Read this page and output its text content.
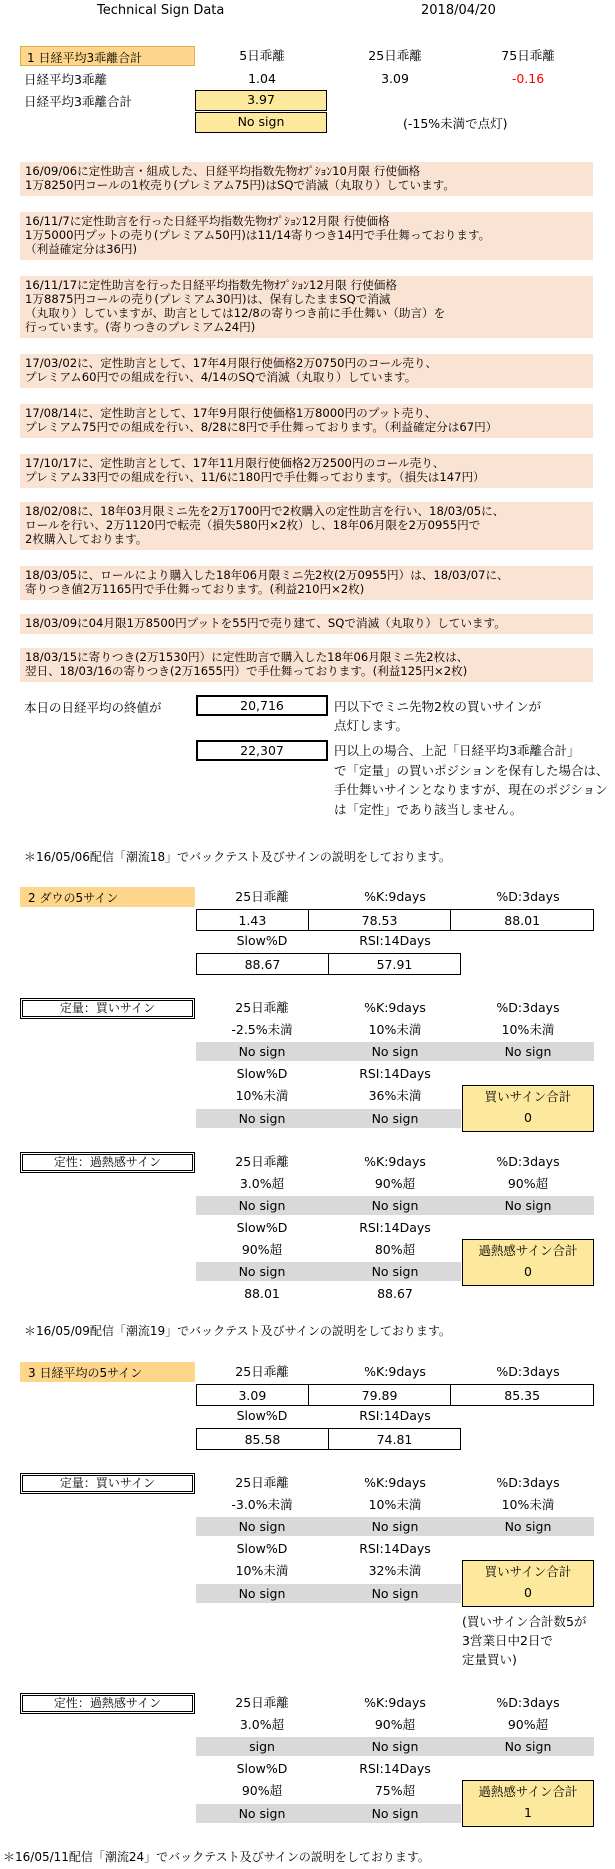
Technical Sign Data	2018/04/20
1 日経平均3乖離合計	5日乖離	25日乖離	75日乖離
日経平均3乖離	1.04	3.09	-0.16
日経平均3乖離合計	3.97
No sign	(-15%未満で点灯)
16/09/06に定性助言・組成した、日経平均指数先物ｵﾌﾟｼｮﾝ10月限 行使価格
1万8250円コールの1枚売り(プレミアム75円)はSQで消滅（丸取り）しています。
16/11/7に定性助言を行った日経平均指数先物ｵﾌﾟｼｮﾝ12月限 行使価格
1万5000円プットの売り(プレミアム50円)は11/14寄りつき14円で手仕舞っております。
（利益確定分は36円)
16/11/17に定性助言を行った日経平均指数先物ｵﾌﾟｼｮﾝ12月限 行使価格
1万8875円コールの売り(プレミアム30円)は、保有したままSQで消滅
（丸取り）していますが、助言としては12/8の寄りつき前に手仕舞い（助言）を
行っています。(寄りつきのプレミアム24円)
17/03/02に、定性助言として、17年4月限行使価格2万0750円のコール売り、
プレミアム60円での組成を行い、4/14のSQで消滅（丸取り）しています。
17/08/14に、定性助言として、17年9月限行使価格1万8000円のプット売り、
プレミアム75円での組成を行い、8/28に8円で手仕舞っております。（利益確定分は67円）
17/10/17に、定性助言として、17年11月限行使価格2万2500円のコール売り、
プレミアム33円での組成を行い、11/6に180円で手仕舞っております。（損失は147円）
18/02/08に、18年03月限ミニ先を2万1700円で2枚購入の定性助言を行い、18/03/05に、
ロールを行い、2万1120円で転売（損失580円×2枚）し、18年06月限を2万0955円で
2枚購入しております。
18/03/05に、ロールにより購入した18年06月限ミニ先2枚(2万0955円）は、18/03/07に、
寄りつき値2万1165円で手仕舞っております。(利益210円×2枚)
18/03/09に04月限1万8500円プットを55円で売り建て、SQで消滅（丸取り）しています。
18/03/15に寄りつき(2万1530円）に定性助言で購入した18年06月限ミニ先2枚は、
翌日、18/03/16の寄りつき(2万1655円）で手仕舞っております。(利益125円×2枚)
本日の日経平均の終値が	20,716	円以下でミニ先物2枚の買いサインが
点灯します。
22,307	円以上の場合、上記「日経平均3乖離合計」
で「定量」の買いポジションを保有した場合は、
手仕舞いサインとなりますが、現在のポジション
は「定性」であり該当しません。
＊16/05/06配信「潮流18」でバックテスト及びサインの説明をしております。
2 ダウの5サイン	25日乖離	%K:9days	%D:3days
1.43	78.53	88.01
Slow%D	RSI:14Days
88.67	57.91
定量：買いサイン	25日乖離	%K:9days	%D:3days
-2.5%未満	10%未満	10%未満
No sign	No sign	No sign
Slow%D	RSI:14Days
10%未満	36%未満
No sign	No sign
買いサイン合計
0
定性：過熱感サイン	25日乖離	%K:9days	%D:3days
3.0%超	90%超	90%超
No sign	No sign	No sign
Slow%D	RSI:14Days
90%超	80%超
No sign	No sign
88.01	88.67
過熱感サイン合計
0
＊16/05/09配信「潮流19」でバックテスト及びサインの説明をしております。
3 日経平均の5サイン	25日乖離	%K:9days	%D:3days
3.09	79.89	85.35
Slow%D	RSI:14Days
85.58	74.81
定量：買いサイン	25日乖離	%K:9days	%D:3days
-3.0%未満	10%未満	10%未満
No sign	No sign	No sign
Slow%D	RSI:14Days
10%未満	32%未満
No sign	No sign
買いサイン合計
0
(買いサイン合計数5が
3営業日中2日で
定量買い)
定性：過熱感サイン	25日乖離	%K:9days	%D:3days
3.0%超	90%超	90%超
sign	No sign	No sign
Slow%D	RSI:14Days
90%超	75%超
No sign	No sign
過熱感サイン合計
1
＊16/05/11配信「潮流24」でバックテスト及びサインの説明をしております。
